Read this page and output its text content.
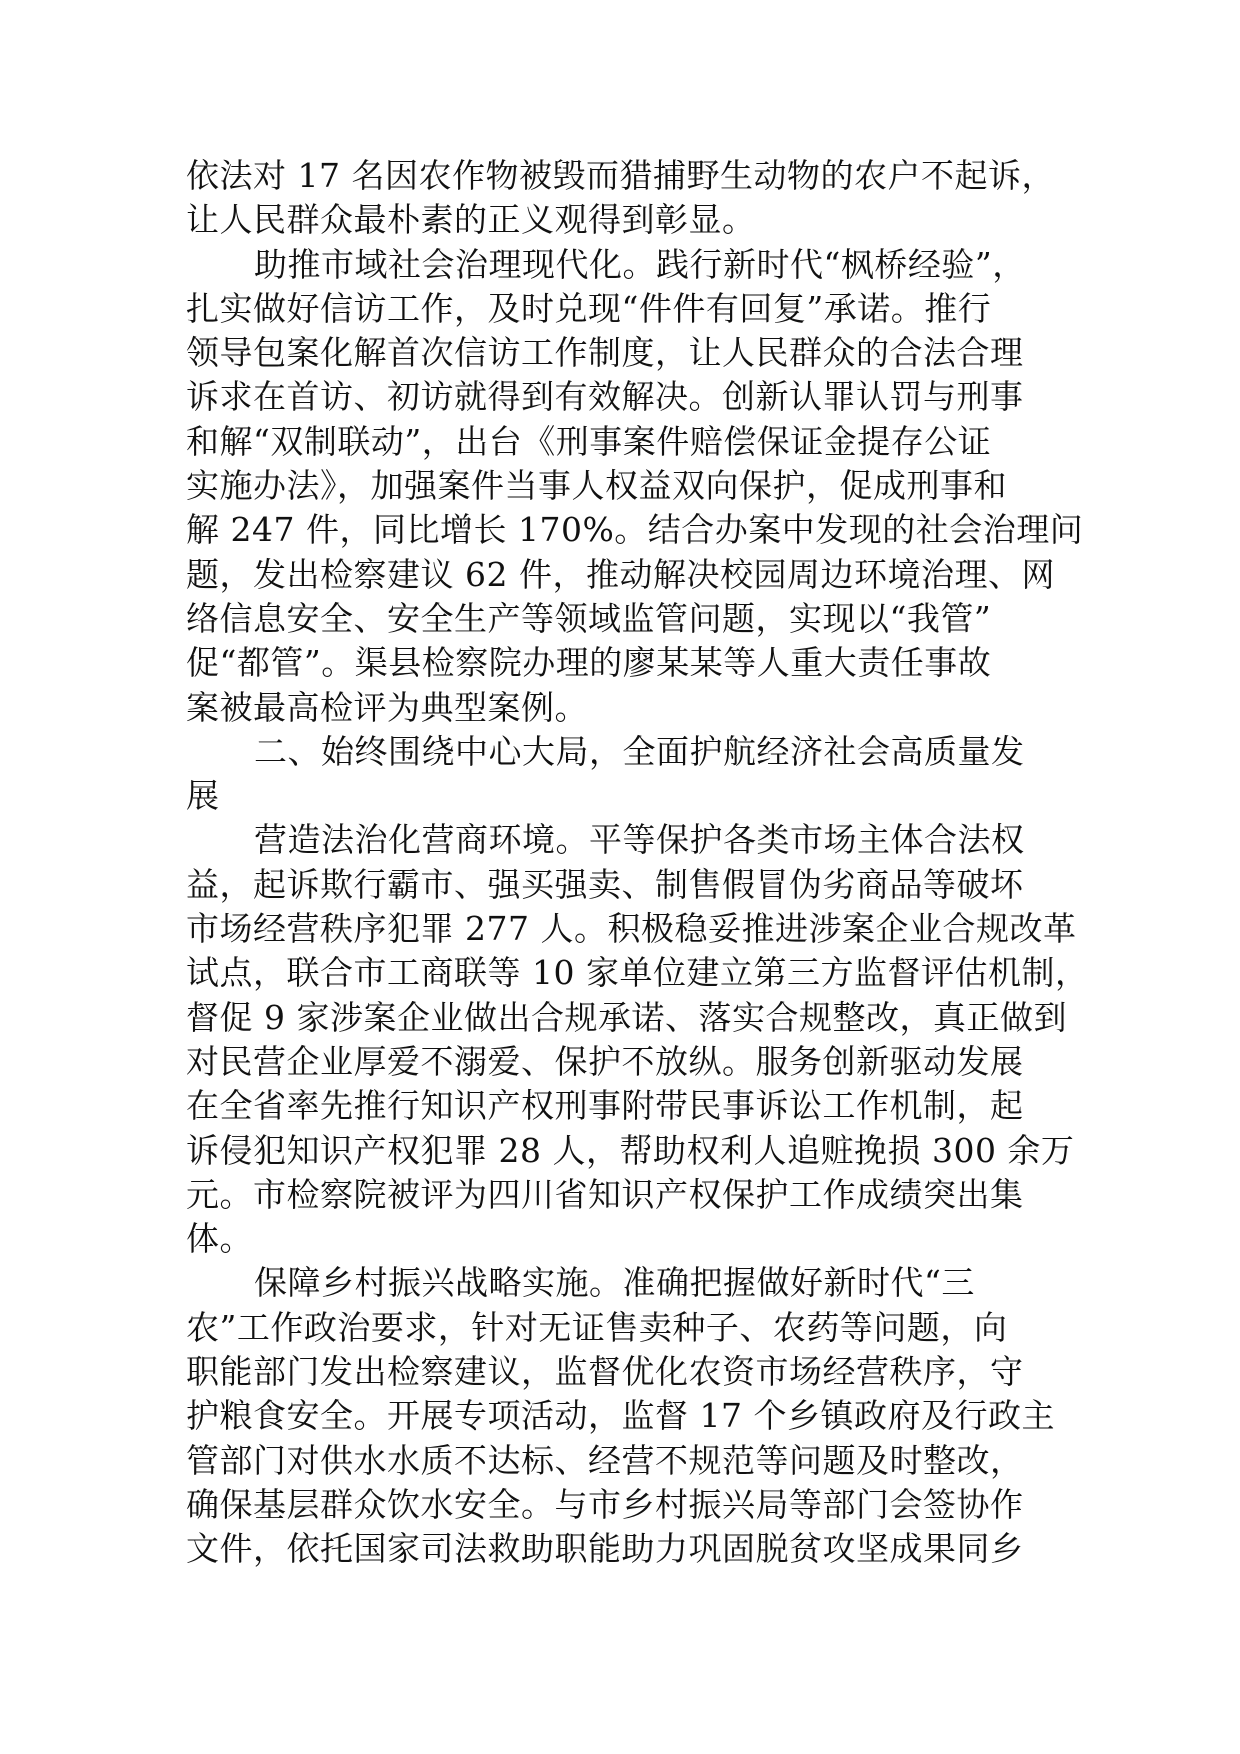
依法对 17 名因农作物被毁而猎捕野生动物的农户不起诉，
让人民群众最朴素的正义观得到彰显。
助推市域社会治理现代化。践行新时代“枫桥经验”，
扎实做好信访工作，及时兑现“件件有回复”承诺。推行
领导包案化解首次信访工作制度，让人民群众的合法合理
诉求在首访、初访就得到有效解决。创新认罪认罚与刑事
和解“双制联动”，出台《刑事案件赔偿保证金提存公证
实施办法》，加强案件当事人权益双向保护，促成刑事和
解 247 件，同比增长 170%。结合办案中发现的社会治理问
题，发出检察建议 62 件，推动解决校园周边环境治理、网
络信息安全、安全生产等领域监管问题，实现以“我管”
促“都管”。渠县检察院办理的廖某某等人重大责任事故
案被最高检评为典型案例。
二、始终围绕中心大局，全面护航经济社会高质量发
展
营造法治化营商环境。平等保护各类市场主体合法权
益，起诉欺行霸市、强买强卖、制售假冒伪劣商品等破坏
市场经营秩序犯罪 277 人。积极稳妥推进涉案企业合规改革
试点，联合市工商联等 10 家单位建立第三方监督评估机制，
督促 9 家涉案企业做出合规承诺、落实合规整改，真正做到
对民营企业厚爱不溺爱、保护不放纵。服务创新驱动发展
在全省率先推行知识产权刑事附带民事诉讼工作机制，起
诉侵犯知识产权犯罪 28 人，帮助权利人追赃挽损 300 余万
元。市检察院被评为四川省知识产权保护工作成绩突出集
体。
保障乡村振兴战略实施。准确把握做好新时代“三
农”工作政治要求，针对无证售卖种子、农药等问题，向
职能部门发出检察建议，监督优化农资市场经营秩序，守
护粮食安全。开展专项活动，监督 17 个乡镇政府及行政主
管部门对供水水质不达标、经营不规范等问题及时整改，
确保基层群众饮水安全。与市乡村振兴局等部门会签协作
文件，依托国家司法救助职能助力巩固脱贫攻坚成果同乡
